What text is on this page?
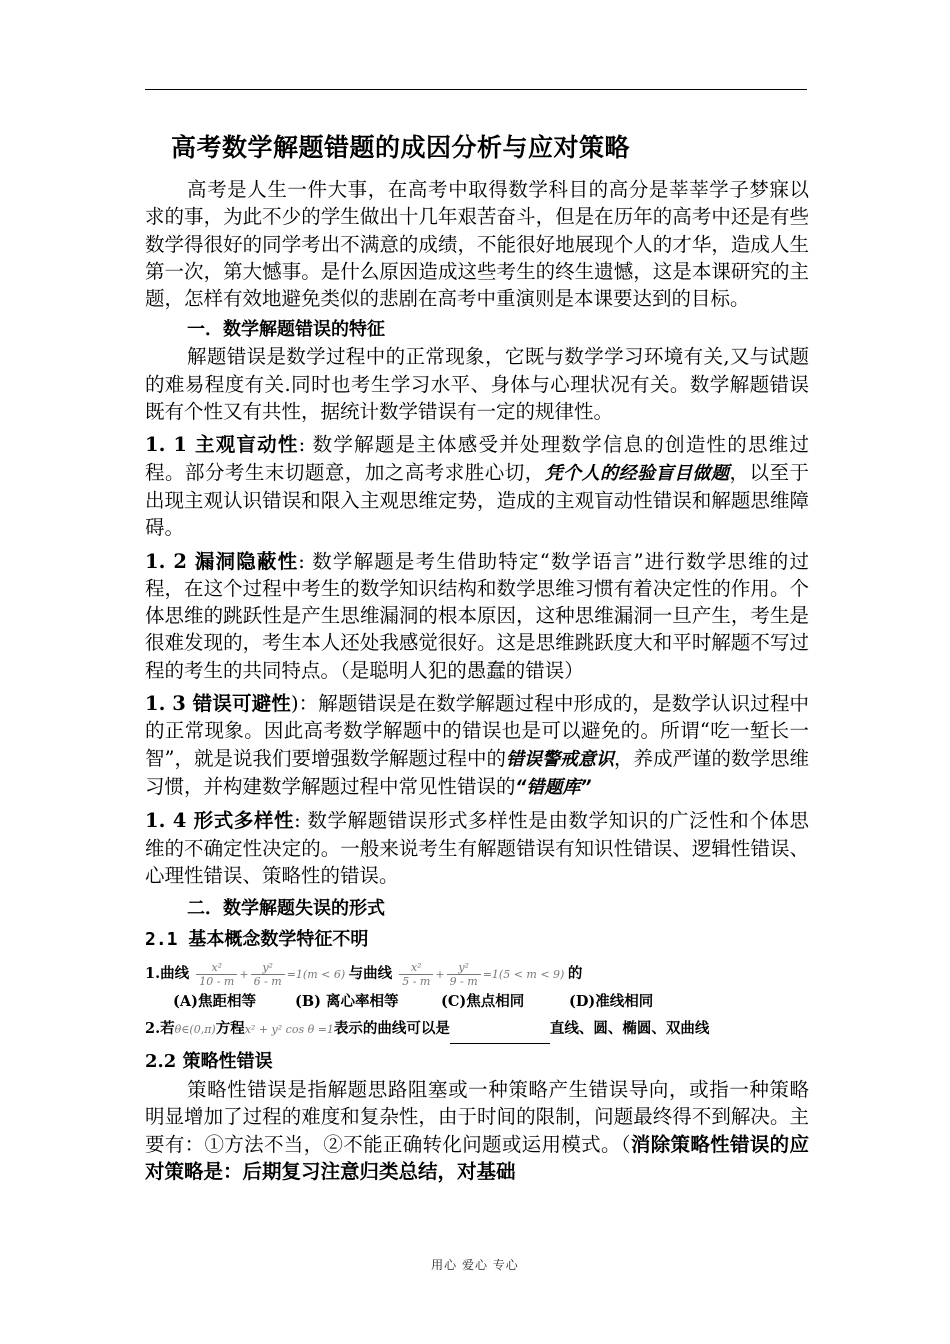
高考数学解题错题的成因分析与应对策略

高考是人生一件大事，在高考中取得数学科目的高分是莘莘学子梦寐以求的事，为此不少的学生做出十几年艰苦奋斗，但是在历年的高考中还是有些数学得很好的同学考出不满意的成绩，不能很好地展现个人的才华，造成人生第一次，第大憾事。是什么原因造成这些考生的终生遗憾，这是本课研究的主题，怎样有效地避免类似的悲剧在高考中重演则是本课要达到的目标。

一．数学解题错误的特征

解题错误是数学过程中的正常现象，它既与数学学习环境有关,又与试题的难易程度有关.同时也考生学习水平、身体与心理状况有关。数学解题错误既有个性又有共性，据统计数学错误有一定的规律性。

1. 1 主观盲动性: 数学解题是主体感受并处理数学信息的创造性的思维过程。部分考生末切题意，加之高考求胜心切，凭个人的经验盲目做题，以至于出现主观认识错误和限入主观思维定势，造成的主观盲动性错误和解题思维障碍。

1. 2 漏洞隐蔽性: 数学解题是考生借助特定“数学语言”进行数学思维的过程，在这个过程中考生的数学知识结构和数学思维习惯有着决定性的作用。个体思维的跳跃性是产生思维漏洞的根本原因，这种思维漏洞一旦产生，考生是很难发现的，考生本人还处我感觉很好。这是思维跳跃度大和平时解题不写过程的考生的共同特点。（是聪明人犯的愚蠢的错误）

1. 3 错误可避性)：解题错误是在数学解题过程中形成的，是数学认识过程中的正常现象。因此高考数学解题中的错误也是可以避免的。所谓“吃一堑长一智”，就是说我们要增强数学解题过程中的错误警戒意识，养成严谨的数学思维习惯，并构建数学解题过程中常见性错误的“错题库”

1. 4 形式多样性: 数学解题错误形式多样性是由数学知识的广泛性和个体思维的不确定性决定的。一般来说考生有解题错误有知识性错误、逻辑性错误、心理性错误、策略性的错误。

二．数学解题失误的形式
2.1 基本概念数学特征不明
1.曲线 $\frac{\text{x²}}{10 - m} + \frac{\text{y²}}{6 - m} =1(m < 6)$ 与曲线 $\frac{\text{x²}}{5 - m} + \frac{\text{y²}}{9 - m} =1(5 < m < 9)$ 的
(A)焦距相等	(B) 离心率相等	(C)焦点相同	(D)准线相同
2.若θ∈(0,π)方程x² + y² cos θ =1表示的曲线可以是	直线、圆、椭圆、双曲线
2.2 策略性错误

策略性错误是指解题思路阻塞或一种策略产生错误导向，或指一种策略明显增加了过程的难度和复杂性，由于时间的限制，问题最终得不到解决。主要有：①方法不当，②不能正确转化问题或运用模式。（消除策略性错误的应对策略是：后期复习注意归类总结，对基础

用心 爱心 专心
